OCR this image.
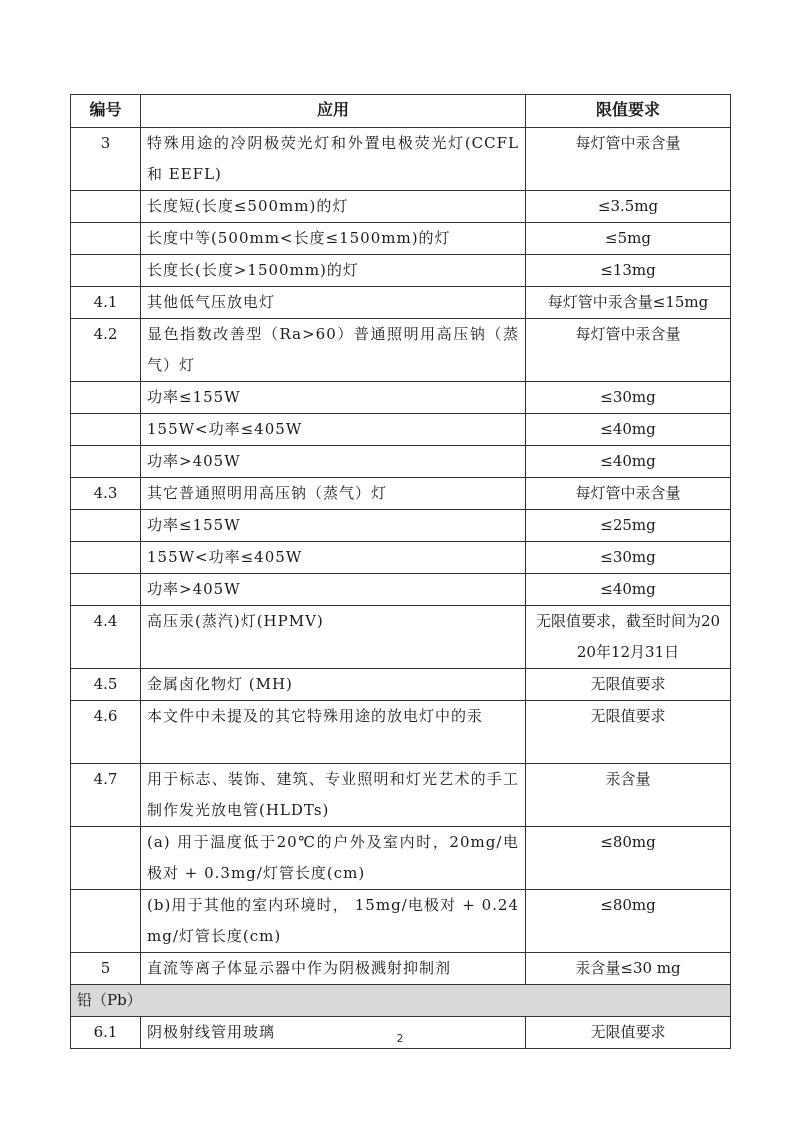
编号	应用	限值要求
3	特殊用途的冷阴极荧光灯和外置电极荧光灯(CCFL 和 EEFL)	每灯管中汞含量
	长度短(长度≤500mm)的灯	≤3.5mg
	长度中等(500mm<长度≤1500mm)的灯	≤5mg
	长度长(长度>1500mm)的灯	≤13mg
4.1	其他低气压放电灯	每灯管中汞含量≤15mg
4.2	显色指数改善型（Ra>60）普通照明用高压钠（蒸气）灯	每灯管中汞含量
	功率≤155W	≤30mg
	155W<功率≤405W	≤40mg
	功率>405W	≤40mg
4.3	其它普通照明用高压钠（蒸气）灯	每灯管中汞含量
	功率≤155W	≤25mg
	155W<功率≤405W	≤30mg
	功率>405W	≤40mg
4.4	高压汞(蒸汽)灯(HPMV)	无限值要求，截至时间为2020年12月31日
4.5	金属卤化物灯 (MH)	无限值要求
4.6	本文件中未提及的其它特殊用途的放电灯中的汞	无限值要求
4.7	用于标志、装饰、建筑、专业照明和灯光艺术的手工制作发光放电管(HLDTs)	汞含量
	(a) 用于温度低于20℃的户外及室内时，20mg/电极对 + 0.3mg/灯管长度(cm)	≤80mg
	(b)用于其他的室内环境时， 15mg/电极对 + 0.24mg/灯管长度(cm)	≤80mg
5	直流等离子体显示器中作为阴极溅射抑制剂	汞含量≤30 mg
铅（Pb）		
6.1	阴极射线管用玻璃	无限值要求
2
